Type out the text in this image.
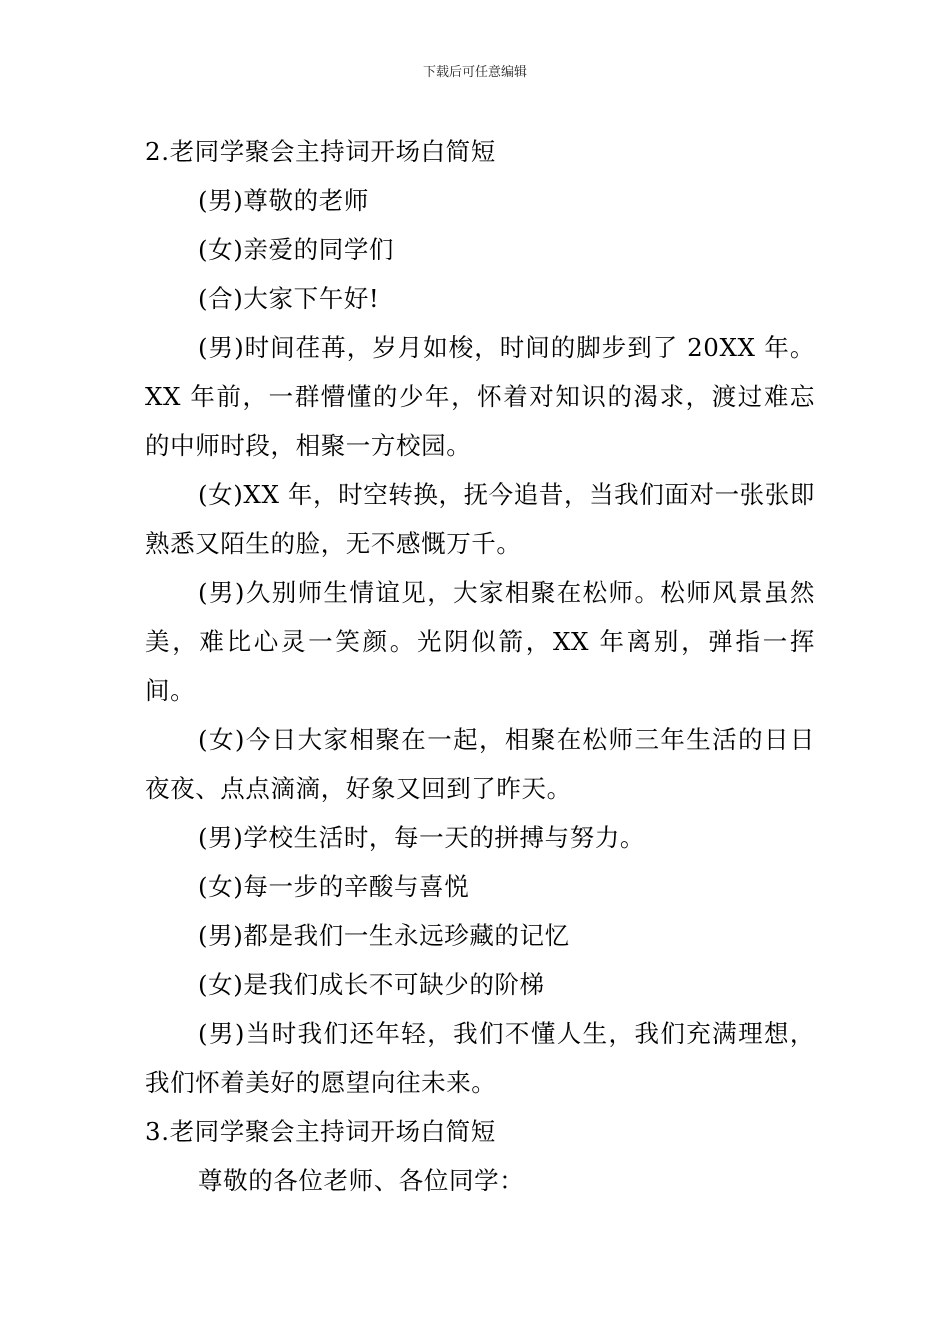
下载后可任意编辑

2.老同学聚会主持词开场白简短

(男)尊敬的老师

(女)亲爱的同学们

(合)大家下午好!

(男)时间荏苒，岁月如梭，时间的脚步到了 20XX 年。XX 年前，一群懵懂的少年，怀着对知识的渴求，渡过难忘的中师时段，相聚一方校园。

(女)XX 年，时空转换，抚今追昔，当我们面对一张张即熟悉又陌生的脸，无不感慨万千。

(男)久别师生情谊见，大家相聚在松师。松师风景虽然美，难比心灵一笑颜。光阴似箭，XX 年离别，弹指一挥间。

(女)今日大家相聚在一起，相聚在松师三年生活的日日夜夜、点点滴滴，好象又回到了昨天。

(男)学校生活时，每一天的拼搏与努力。

(女)每一步的辛酸与喜悦

(男)都是我们一生永远珍藏的记忆

(女)是我们成长不可缺少的阶梯

(男)当时我们还年轻，我们不懂人生，我们充满理想，我们怀着美好的愿望向往未来。

3.老同学聚会主持词开场白简短

尊敬的各位老师、各位同学：
